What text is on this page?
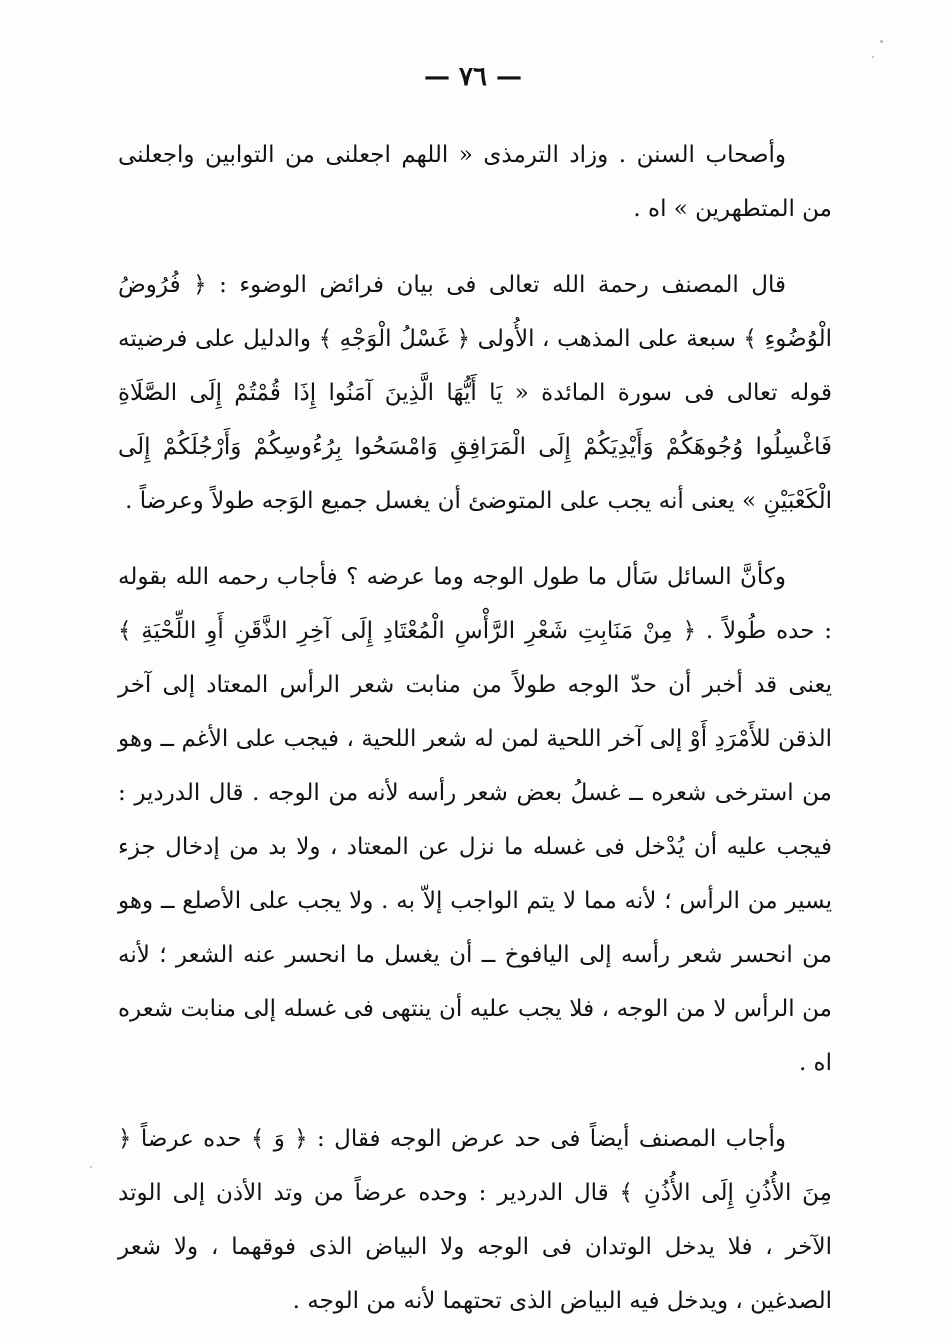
— ٧٦ —

وأصحاب السنن . وزاد الترمذى « اللهم اجعلنى من التوابين واجعلنى من المتطهرين » اه .

قال المصنف رحمة الله تعالى فى بيان فرائض الوضوء : ﴿ فُرُوضُ الْوُضُوءِ ﴾ سبعة على المذهب ، الأُولى ﴿ غَسْلُ الْوَجْهِ ﴾ والدليل على فرضيته قوله تعالى فى سورة المائدة « يَا أَيُّهَا الَّذِينَ آمَنُوا إِذَا قُمْتُمْ إِلَى الصَّلَاةِ فَاغْسِلُوا وُجُوهَكُمْ وَأَيْدِيَكُمْ إِلَى الْمَرَافِقِ وَامْسَحُوا بِرُءُوسِكُمْ وَأَرْجُلَكُمْ إِلَى الْكَعْبَيْنِ » يعنى أنه يجب على المتوضئ أن يغسل جميع الوَجه طولاً وعرضاً .

وكأنَّ السائل سَأل ما طول الوجه وما عرضه ؟ فأجاب رحمه الله بقوله : حده طُولاً . ﴿ مِنْ مَنَابِتِ شَعْرِ الرَّأْسِ الْمُعْتَادِ إِلَى آخِرِ الذَّقَنِ أَوِ اللِّحْيَةِ ﴾ يعنى قد أخبر أن حدّ الوجه طولاً من منابت شعر الرأس المعتاد إلى آخر الذقن للأَمْرَدِ أَوْ إلى آخر اللحية لمن له شعر اللحية ، فيجب على الأغم ــ وهو من استرخى شعره ــ غسلُ بعض شعر رأسه لأنه من الوجه . قال الدردير : فيجب عليه أن يُدْخل فى غسله ما نزل عن المعتاد ، ولا بد من إدخال جزء يسير من الرأس ؛ لأنه مما لا يتم الواجب إلاّ به . ولا يجب على الأصلع ــ وهو من انحسر شعر رأسه إلى اليافوخ ــ أن يغسل ما انحسر عنه الشعر ؛ لأنه من الرأس لا من الوجه ، فلا يجب عليه أن ينتهى فى غسله إلى منابت شعره اه .

وأجاب المصنف أيضاً فى حد عرض الوجه فقال : ﴿ وَ ﴾ حده عرضاً ﴿ مِنَ الأُذُنِ إِلَى الأُذُنِ ﴾ قال الدردير : وحده عرضاً من وتد الأذن إلى الوتد الآخر ، فلا يدخل الوتدان فى الوجه ولا البياض الذى فوقهما ، ولا شعر الصدغين ، ويدخل فيه البياض الذى تحتهما لأنه من الوجه .
